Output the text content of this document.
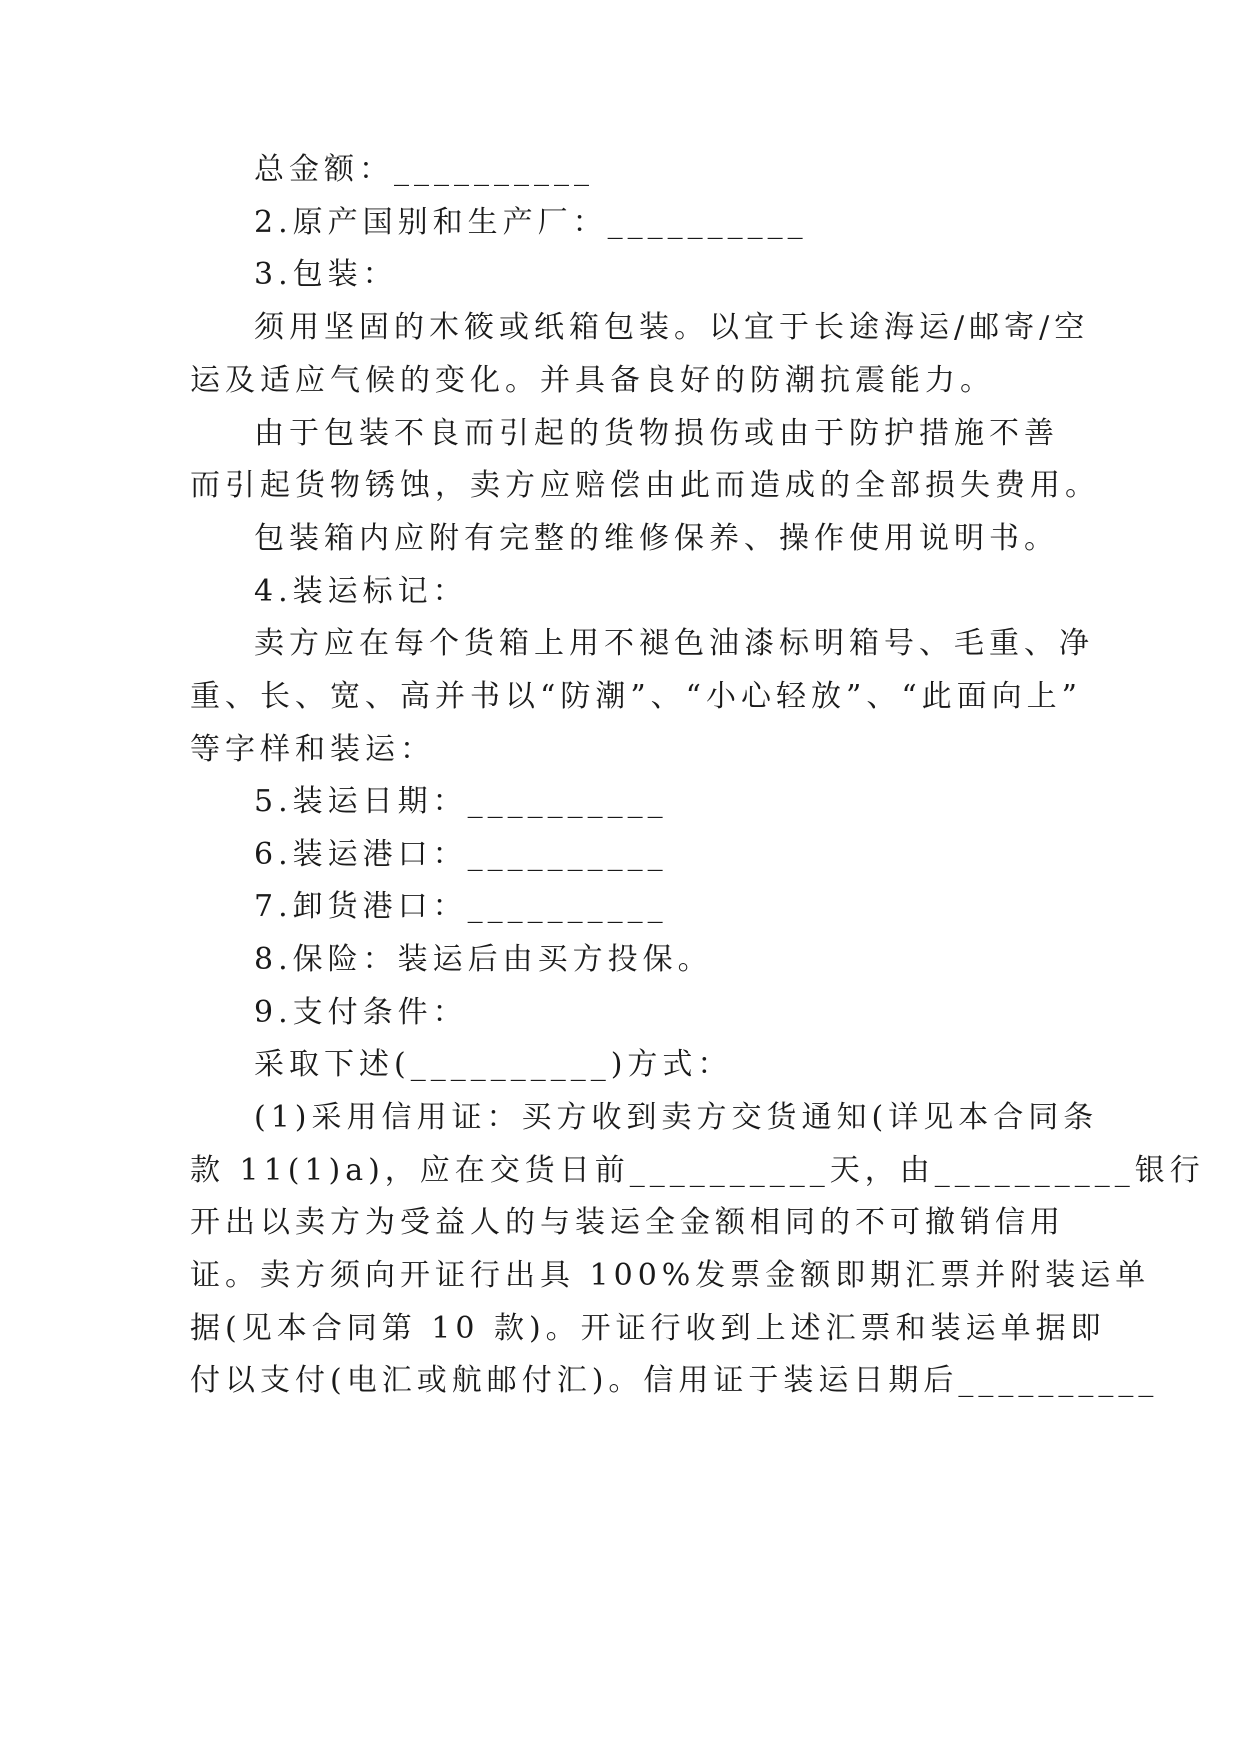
总金额：__________
2.原产国别和生产厂：__________
3.包装：
须用坚固的木筱或纸箱包装。以宜于长途海运/邮寄/空
运及适应气候的变化。并具备良好的防潮抗震能力。
由于包装不良而引起的货物损伤或由于防护措施不善
而引起货物锈蚀，卖方应赔偿由此而造成的全部损失费用。
包装箱内应附有完整的维修保养、操作使用说明书。
4.装运标记：
卖方应在每个货箱上用不褪色油漆标明箱号、毛重、净
重、长、宽、高并书以“防潮”、“小心轻放”、“此面向上”
等字样和装运：
5.装运日期：__________
6.装运港口：__________
7.卸货港口：__________
8.保险：装运后由买方投保。
9.支付条件：
采取下述(__________)方式：
(1)采用信用证：买方收到卖方交货通知(详见本合同条
款 11(1)a)，应在交货日前__________天，由__________银行
开出以卖方为受益人的与装运全金额相同的不可撤销信用
证。卖方须向开证行出具 100%发票金额即期汇票并附装运单
据(见本合同第 10 款)。开证行收到上述汇票和装运单据即
付以支付(电汇或航邮付汇)。信用证于装运日期后__________
